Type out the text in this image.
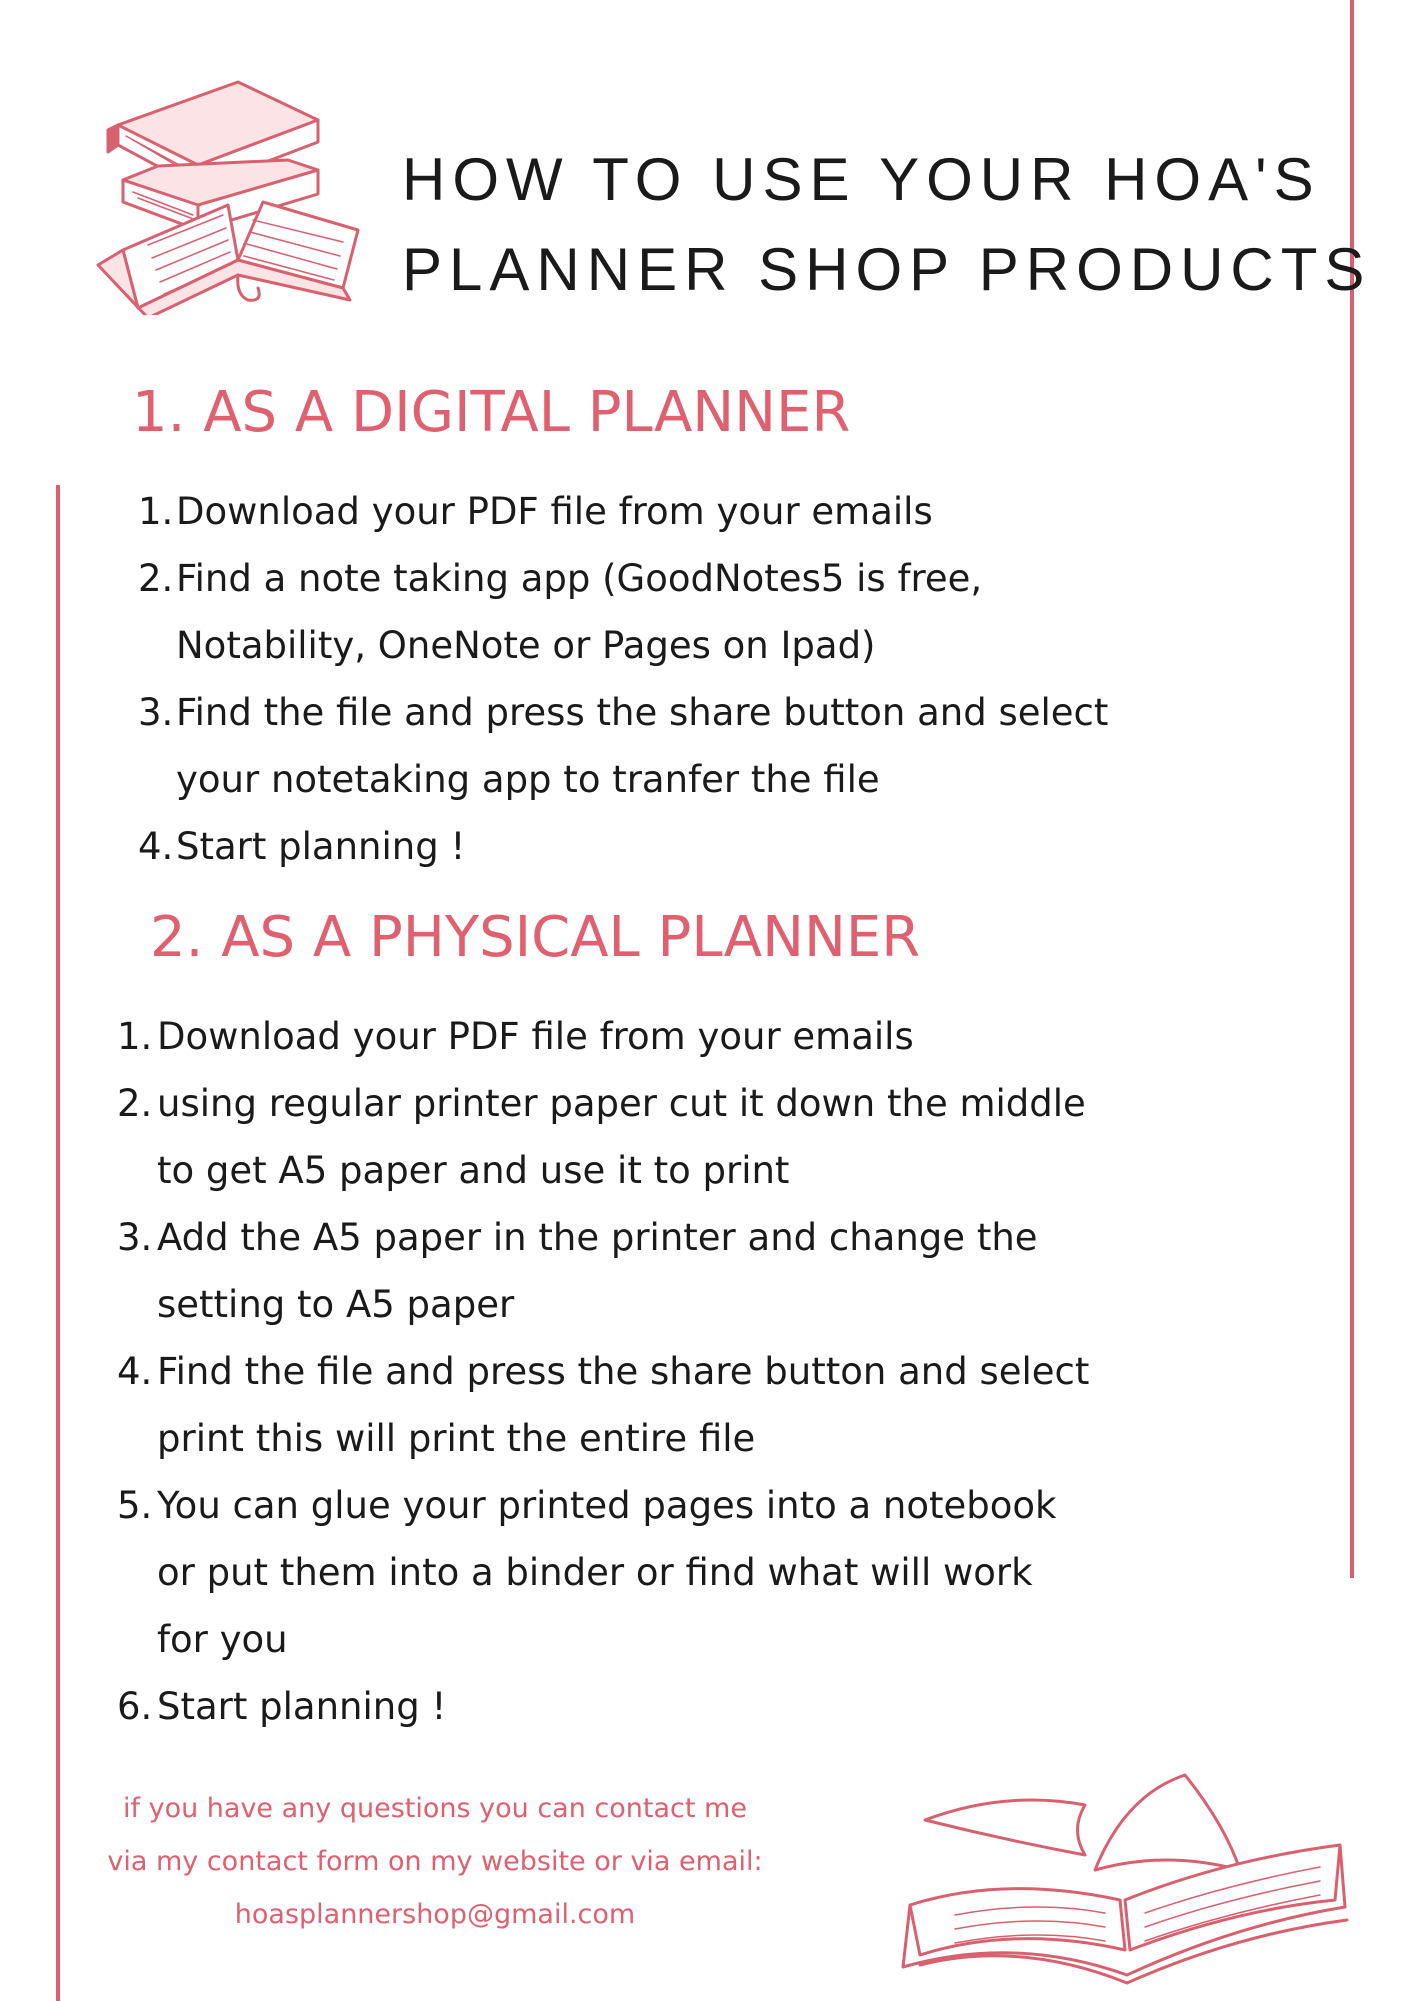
HOW TO USE YOUR HOA'S
PLANNER SHOP PRODUCTS
1. AS A DIGITAL PLANNER
1. Download your PDF file from your emails
2. Find a note taking app (GoodNotes5 is free,
Notability, OneNote or Pages on Ipad)
3. Find the file and press the share button and select
your notetaking app to tranfer the file
4. Start planning !
2. AS A PHYSICAL PLANNER
1. Download your PDF file from your emails
2. using regular printer paper cut it down the middle
to get A5 paper and use it to print
3. Add the A5 paper in the printer and change the
setting to A5 paper
4. Find the file and press the share button and select
print this will print the entire file
5. You can glue your printed pages into a notebook
or put them into a binder or find what will work
for you
6. Start planning !
if you have any questions you can contact me
via my contact form on my website or via email:
hoasplannershop@gmail.com
